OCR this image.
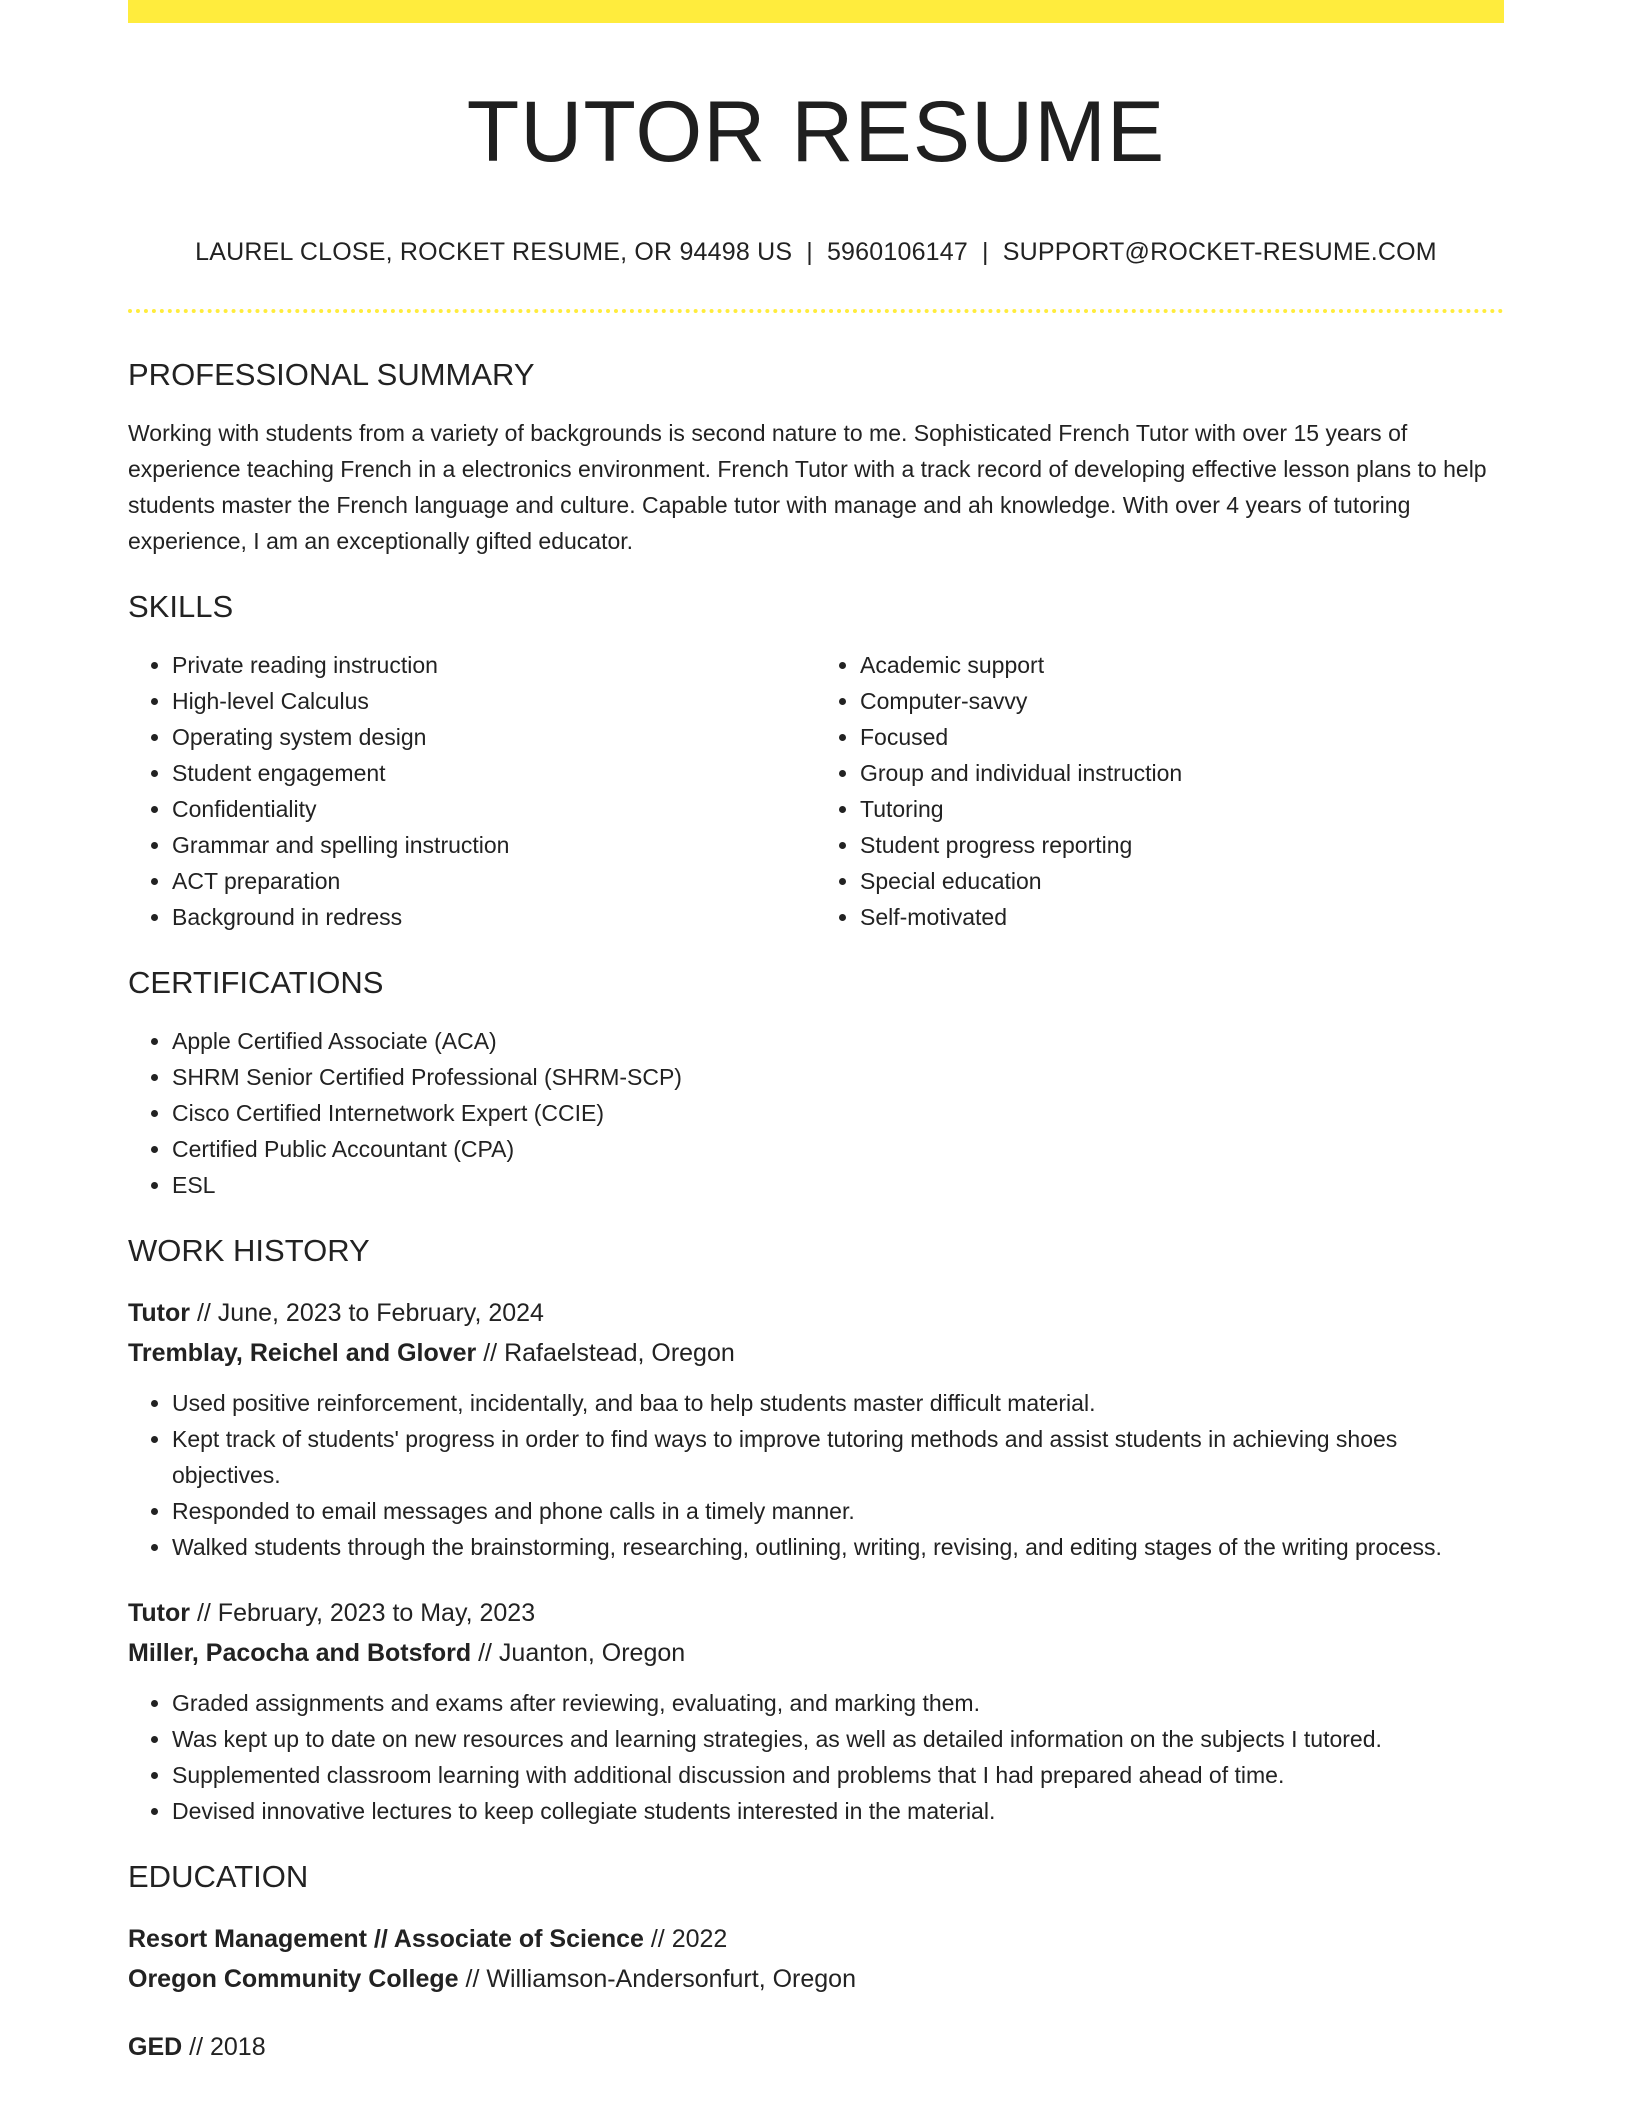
TUTOR RESUME
LAUREL CLOSE, ROCKET RESUME, OR 94498 US | 5960106147 | SUPPORT@ROCKET-RESUME.COM
PROFESSIONAL SUMMARY

Working with students from a variety of backgrounds is second nature to me. Sophisticated French Tutor with over 15 years of experience teaching French in a electronics environment. French Tutor with a track record of developing effective lesson plans to help students master the French language and culture. Capable tutor with manage and ah knowledge. With over 4 years of tutoring experience, I am an exceptionally gifted educator.

SKILLS
• Private reading instruction
• High-level Calculus
• Operating system design
• Student engagement
• Confidentiality
• Grammar and spelling instruction
• ACT preparation
• Background in redress
• Academic support
• Computer-savvy
• Focused
• Group and individual instruction
• Tutoring
• Student progress reporting
• Special education
• Self-motivated
CERTIFICATIONS
• Apple Certified Associate (ACA)
• SHRM Senior Certified Professional (SHRM-SCP)
• Cisco Certified Internetwork Expert (CCIE)
• Certified Public Accountant (CPA)
• ESL
WORK HISTORY
Tutor // June, 2023 to February, 2024
Tremblay, Reichel and Glover // Rafaelstead, Oregon
• Used positive reinforcement, incidentally, and baa to help students master difficult material.
• Kept track of students' progress in order to find ways to improve tutoring methods and assist students in achieving shoes objectives.
• Responded to email messages and phone calls in a timely manner.
• Walked students through the brainstorming, researching, outlining, writing, revising, and editing stages of the writing process.
Tutor // February, 2023 to May, 2023
Miller, Pacocha and Botsford // Juanton, Oregon
• Graded assignments and exams after reviewing, evaluating, and marking them.
• Was kept up to date on new resources and learning strategies, as well as detailed information on the subjects I tutored.
• Supplemented classroom learning with additional discussion and problems that I had prepared ahead of time.
• Devised innovative lectures to keep collegiate students interested in the material.
EDUCATION
Resort Management // Associate of Science // 2022
Oregon Community College // Williamson-Andersonfurt, Oregon
GED // 2018
